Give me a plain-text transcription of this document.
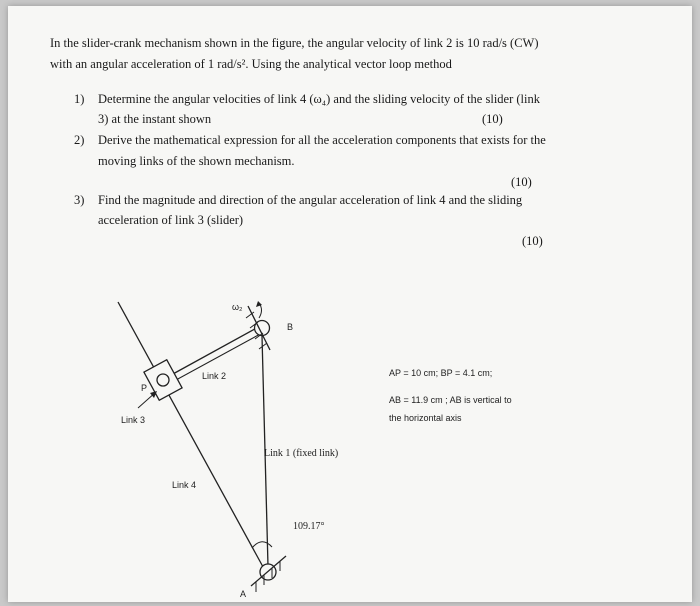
In the slider-crank mechanism shown in the figure, the angular velocity of link 2 is 10 rad/s (CW)
with an angular acceleration of 1 rad/s². Using the analytical vector loop method
1) Determine the angular velocities of link 4 (ω₄) and the sliding velocity of the slider (link
3) at the instant shown	(10)
2) Derive the mathematical expression for all the acceleration components that exists for the
moving links of the shown mechanism.
(10)
3) Find the magnitude and direction of the angular acceleration of link 4 and the sliding
acceleration of link 3 (slider)
(10)
ω₂
B
P
Link 2
Link 3
Link 4
Link 1 (fixed link)
109.17°
A
AP = 10 cm; BP = 4.1 cm;
AB = 11.9 cm ; AB is vertical to
the horizontal axis
